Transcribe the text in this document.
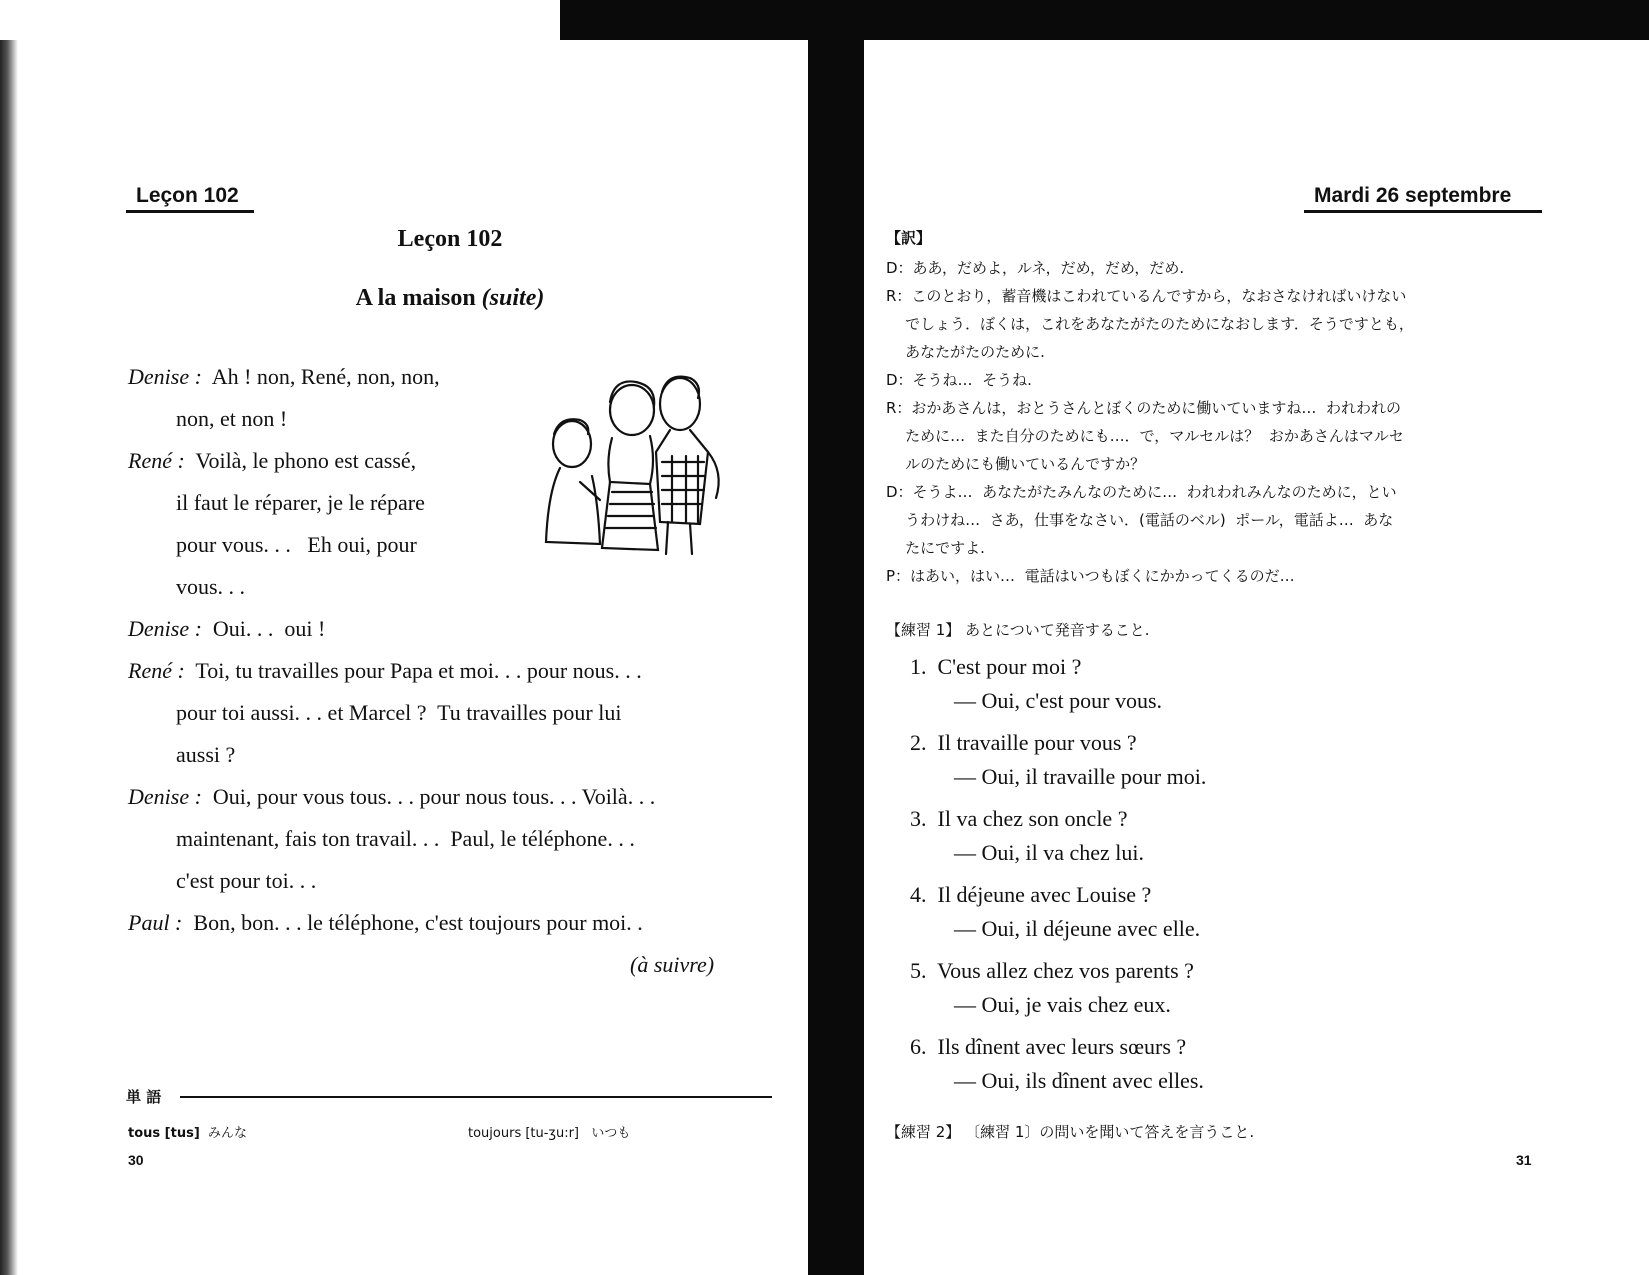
Leçon 102
Leçon 102
A la maison (suite)
Denise : Ah ! non, René, non, non,
non, et non !
René : Voilà, le phono est cassé,
il faut le réparer, je le répare
pour vous. . .   Eh oui, pour
vous. . .
Denise : Oui. . .  oui !
René : Toi, tu travailles pour Papa et moi. . . pour nous. . .
pour toi aussi. . . et Marcel ?  Tu travailles pour lui
aussi ?
Denise : Oui, pour vous tous. . . pour nous tous. . . Voilà. . .
maintenant, fais ton travail. . .  Paul, le téléphone. . .
c'est pour toi. . .
Paul : Bon, bon. . . le téléphone, c'est toujours pour moi. .
(à suivre)
単 語
tous [tus] みんな	toujours [tu-ʒu:r] いつも
30
Mardi 26 septembre
【訳】
D：ああ，だめよ，ルネ，だめ，だめ，だめ.
R：このとおり，蓄音機はこわれているんですから，なおさなければいけない
でしょう．ぼくは，これをあなたがたのためになおします．そうですとも，
あなたがたのために.
D：そうね…  そうね.
R：おかあさんは，おとうさんとぼくのために働いていますね…  われわれの
ために…  また自分のためにも…．で，マルセルは？  おかあさんはマルセ
ルのためにも働いているんですか？
D：そうよ…  あなたがたみんなのために…  われわれみんなのために，とい
うわけね…  さあ，仕事をなさい．(電話のベル)  ポール，電話よ…  あな
たにですよ.
P：はあい，はい…  電話はいつもぼくにかかってくるのだ…
【練習 1】 あとについて発音すること.
1. C'est pour moi ?
— Oui, c'est pour vous.
2. Il travaille pour vous ?
— Oui, il travaille pour moi.
3. Il va chez son oncle ?
— Oui, il va chez lui.
4. Il déjeune avec Louise ?
— Oui, il déjeune avec elle.
5. Vous allez chez vos parents ?
— Oui, je vais chez eux.
6. Ils dînent avec leurs sœurs ?
— Oui, ils dînent avec elles.
【練習 2】 〔練習 1〕の問いを聞いて答えを言うこと.
31
